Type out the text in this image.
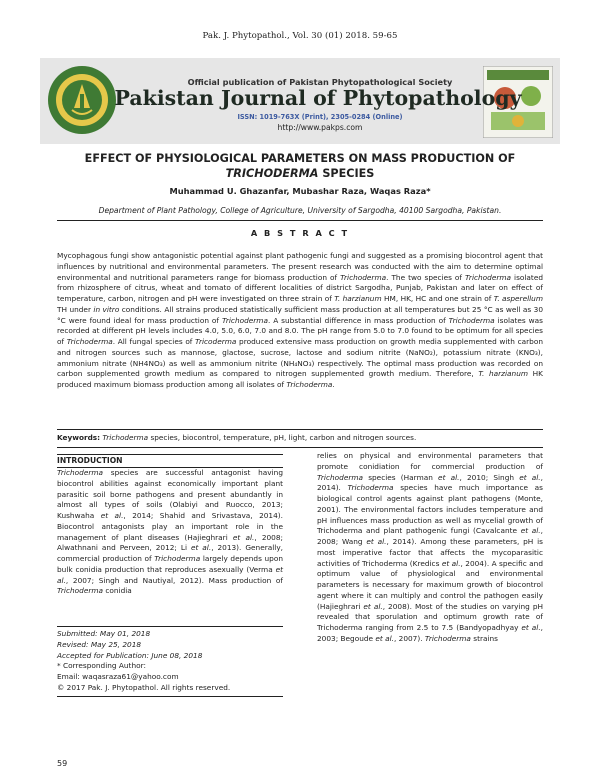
Pak. J. Phytopathol., Vol. 30 (01) 2018. 59-65
Official publication of Pakistan Phytopathological Society
Pakistan Journal of Phytopathology
ISSN: 1019-763X (Print), 2305-0284 (Online)
http://www.pakps.com
EFFECT OF PHYSIOLOGICAL PARAMETERS ON MASS PRODUCTION OF
TRICHODERMA SPECIES
Muhammad U. Ghazanfar, Mubashar Raza, Waqas Raza*
Department of Plant Pathology, College of Agriculture, University of Sargodha, 40100 Sargodha, Pakistan.
A B S T R A C T
Mycophagous fungi show antagonistic potential against plant pathogenic fungi and suggested as a promising biocontrol agent that influences by nutritional and environmental parameters. The present research was conducted with the aim to determine optimal environmental and nutritional parameters range for biomass production of Trichoderma. The two species of Trichoderma isolated from rhizosphere of citrus, wheat and tomato of different localities of district Sargodha, Punjab, Pakistan and later on effect of temperature, carbon, nitrogen and pH were investigated on three strain of T. harzianum HM, HK, HC and one strain of T. asperellum TH under in vitro conditions. All strains produced statistically sufficient mass production at all temperatures but 25 °C as well as 30 °C were found ideal for mass production of Trichoderma. A substantial difference in mass production of Trichoderma isolates was recorded at different pH levels includes 4.0, 5.0, 6.0, 7.0 and 8.0. The pH range from 5.0 to 7.0 found to be optimum for all species of Trichoderma. All fungal species of Tricoderma produced extensive mass production on growth media supplemented with carbon and nitrogen sources such as mannose, glactose, sucrose, lactose and sodium nitrite (NaNO₂), potassium nitrate (KNO₃), ammonium nitrate (NH4NO₃) as well as ammonium nitrite (NH₄NO₃) respectively. The optimal mass production was recorded on carbon supplemented growth medium as compared to nitrogen supplemented growth medium. Therefore, T. harzianum HK produced maximum biomass production among all isolates of Trichoderma.
Keywords: Trichoderma species, biocontrol, temperature, pH, light, carbon and nitrogen sources.
INTRODUCTION
Trichoderma species are successful antagonist having biocontrol abilities against economically important plant parasitic soil borne pathogens and present abundantly in almost all types of soils (Olabiyi and Ruocco, 2013; Kushwaha et al., 2014; Shahid and Srivastava, 2014). Biocontrol antagonists play an important role in the management of plant diseases (Hajieghrari et al., 2008; Alwathnani and Perveen, 2012; Li et al., 2013). Generally, commercial production of Trichoderma largely depends upon bulk conidia production that reproduces asexually (Verma et al., 2007; Singh and Nautiyal, 2012). Mass production of Trichoderma conidia
Submitted: May 01, 2018
Revised: May 25, 2018
Accepted for Publication: June 08, 2018
* Corresponding Author:
Email: waqasraza61@yahoo.com
© 2017 Pak. J. Phytopathol. All rights reserved.
relies on physical and environmental parameters that promote conidiation for commercial production of Trichoderma species (Harman et al., 2010; Singh et al., 2014). Trichoderma species have much importance as biological control agents against plant pathogens (Monte, 2001). The environmental factors includes temperature and pH influences mass production as well as mycelial growth of Trichoderma and plant pathogenic fungi (Cavalcante et al., 2008; Wang et al., 2014). Among these parameters, pH is most imperative factor that affects the mycoparasitic activities of Trichoderma (Kredics et al., 2004). A specific and optimum value of physiological and environmental parameters is necessary for maximum growth of biocontrol agent where it can multiply and control the pathogen easily (Hajieghrari et al., 2008). Most of the studies on varying pH revealed that sporulation and optimum growth rate of Trichoderma ranging from 2.5 to 7.5 (Bandyopadhyay et al., 2003; Begoude et al., 2007). Trichoderma strains
59
